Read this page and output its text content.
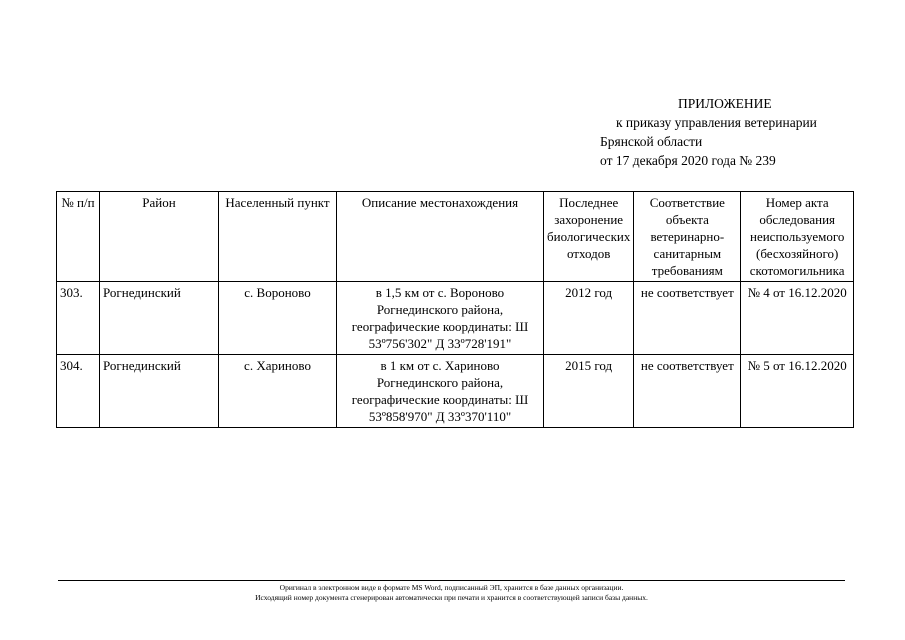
ПРИЛОЖЕНИЕ
к приказу управления ветеринарии
Брянской области
от 17 декабря 2020 года № 239
№ п/п	Район	Населенный пункт	Описание местонахождения	Последнее захоронение биологических отходов	Соответствие объекта ветеринарно-санитарным требованиям	Номер акта обследования неиспользуемого (бесхозяйного) скотомогильника
303.	Рогнединский	с. Вороново	в 1,5 км от с. Вороново Рогнединского района, географические координаты: Ш 53º756'302" Д 33º728'191"	2012 год	не соответствует	№ 4 от 16.12.2020
304.	Рогнединский	с. Хариново	в 1 км от с. Хариново Рогнединского района, географические координаты: Ш 53º858'970" Д 33º370'110"	2015 год	не соответствует	№ 5 от 16.12.2020
Оригинал в электронном виде в формате MS Word, подписанный ЭП, хранится в базе данных организации.
Исходящий номер документа сгенерирован автоматически при печати и хранится в соответствующей записи базы данных.
